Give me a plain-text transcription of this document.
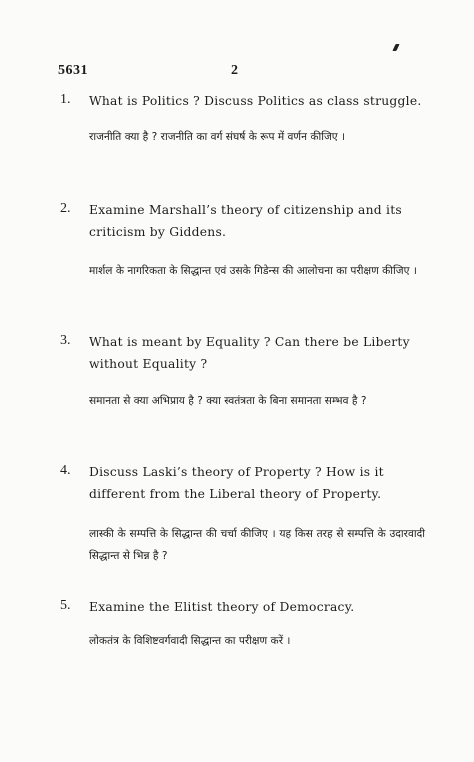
5631	2
1. What is Politics ? Discuss Politics as class struggle.
राजनीति क्या है ? राजनीति का वर्ग संघर्ष के रूप में वर्णन कीजिए ।
2. Examine Marshall’s theory of citizenship and its criticism by Giddens.
मार्शल के नागरिकता के सिद्धान्त एवं उसके गिडेन्स की आलोचना का परीक्षण कीजिए ।
3. What is meant by Equality ? Can there be Liberty without Equality ?
समानता से क्या अभिप्राय है ? क्या स्वतंत्रता के बिना समानता सम्भव है ?
4. Discuss Laski’s theory of Property ? How is it different from the Liberal theory of Property.
लास्की के सम्पत्ति के सिद्धान्त की चर्चा कीजिए । यह किस तरह से सम्पत्ति के उदारवादी सिद्धान्त से भिन्न है ?
5. Examine the Elitist theory of Democracy.
लोकतंत्र के विशिष्टवर्गवादी सिद्धान्त का परीक्षण करें ।
